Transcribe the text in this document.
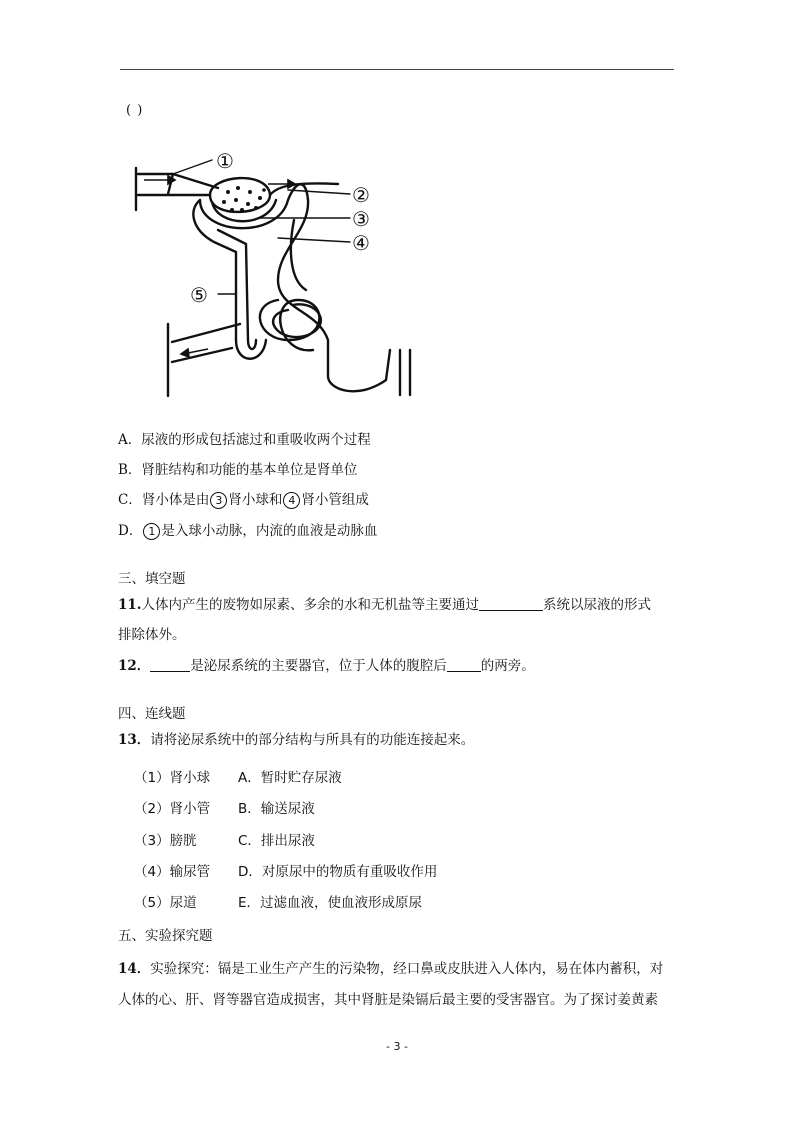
( )
①
②
③
④
⑤
A．尿液的形成包括滤过和重吸收两个过程
B．肾脏结构和功能的基本单位是肾单位
C．肾小体是由 3 肾小球和 4 肾小管组成
D． 1 是入球小动脉，内流的血液是动脉血
三、填空题
11.人体内产生的废物如尿素、多余的水和无机盐等主要通过	系统以尿液的形式
排除体外。
12．	是泌尿系统的主要器官，位于人体的腹腔后	的两旁。
四、连线题
13．请将泌尿系统中的部分结构与所具有的功能连接起来。
（1）肾小球 A．暂时贮存尿液
（2）肾小管 B．输送尿液
（3）膀胱	C．排出尿液
（4）输尿管 D．对原尿中的物质有重吸收作用
（5）尿道	E．过滤血液，使血液形成原尿
五、实验探究题
14．实验探究：镉是工业生产产生的污染物，经口鼻或皮肤进入人体内，易在体内蓄积，对
人体的心、肝、肾等器官造成损害，其中肾脏是染镉后最主要的受害器官。为了探讨姜黄素
- 3 -
